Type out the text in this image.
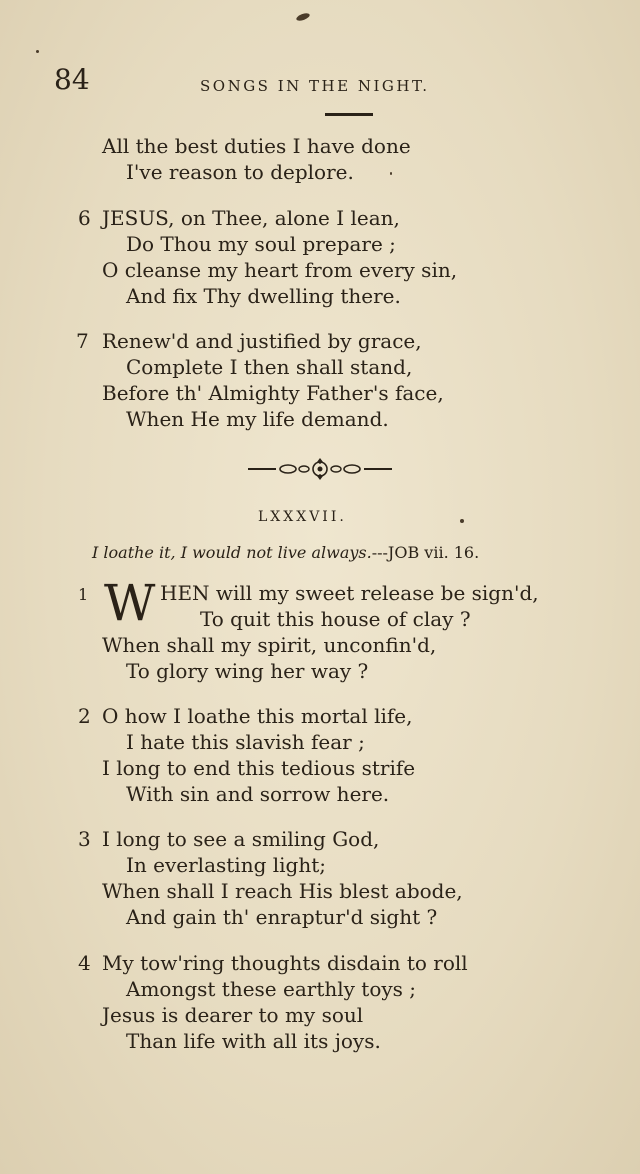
84	SONGS IN THE NIGHT.
All the best duties I have done
I've reason to deplore.
6 JESUS, on Thee, alone I lean,
Do Thou my soul prepare ;
O cleanse my heart from every sin,
And fix Thy dwelling there.
7 Renew'd and justified by grace,
Complete I then shall stand,
Before th' Almighty Father's face,
When He my life demand.
LXXXVII.
I loathe it, I would not live always.---JOB vii. 16.
1 W HEN will my sweet release be sign'd,
To quit this house of clay ?
When shall my spirit, unconfin'd,
To glory wing her way ?
2 O how I loathe this mortal life,
I hate this slavish fear ;
I long to end this tedious strife
With sin and sorrow here.
3 I long to see a smiling God,
In everlasting light;
When shall I reach His blest abode,
And gain th' enraptur'd sight ?
4 My tow'ring thoughts disdain to roll
Amongst these earthly toys ;
Jesus is dearer to my soul
Than life with all its joys.
